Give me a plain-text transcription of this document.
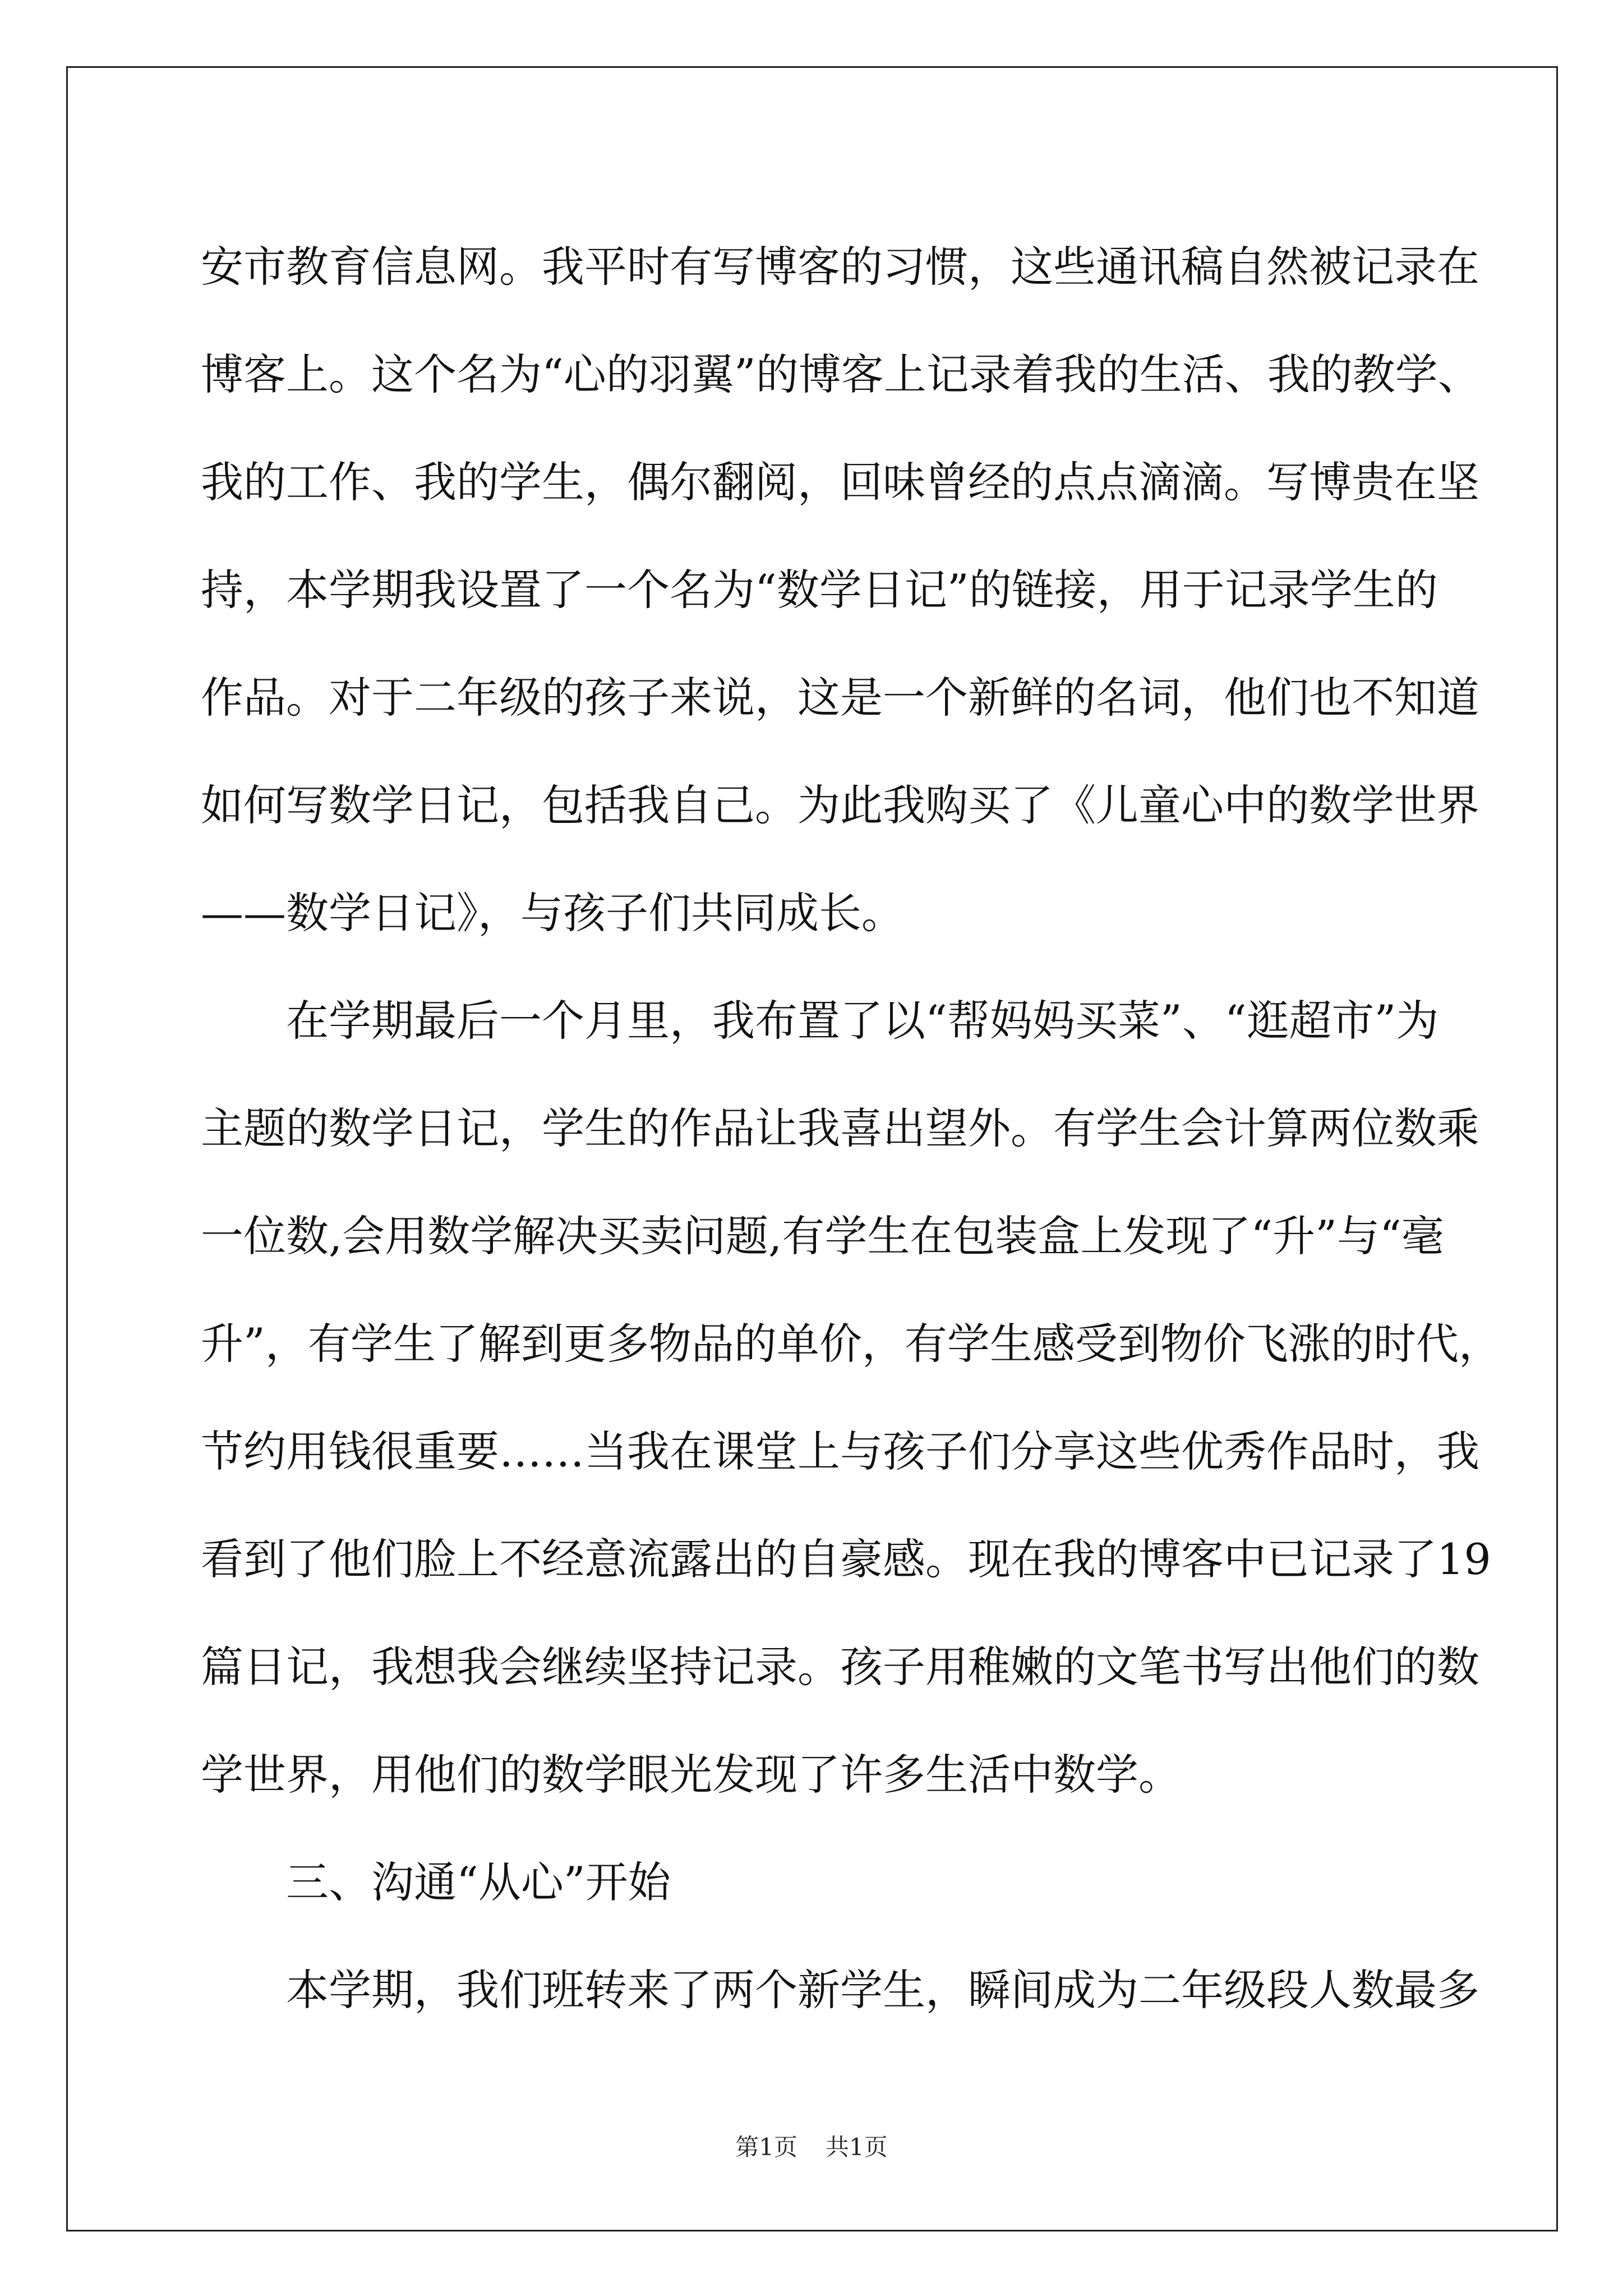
安市教育信息网。我平时有写博客的习惯，这些通讯稿自然被记录在
博客上。这个名为“心的羽翼”的博客上记录着我的生活、我的教学、
我的工作、我的学生，偶尔翻阅，回味曾经的点点滴滴。写博贵在坚
持，本学期我设置了一个名为“数学日记”的链接，用于记录学生的
作品。对于二年级的孩子来说，这是一个新鲜的名词，他们也不知道
如何写数学日记，包括我自己。为此我购买了《儿童心中的数学世界
——数学日记》，与孩子们共同成长。
在学期最后一个月里，我布置了以“帮妈妈买菜”、“逛超市”为
主题的数学日记，学生的作品让我喜出望外。有学生会计算两位数乘
一位数,会用数学解决买卖问题,有学生在包装盒上发现了“升”与“毫
升”，有学生了解到更多物品的单价，有学生感受到物价飞涨的时代，
节约用钱很重要……当我在课堂上与孩子们分享这些优秀作品时，我
看到了他们脸上不经意流露出的自豪感。现在我的博客中已记录了19
篇日记，我想我会继续坚持记录。孩子用稚嫩的文笔书写出他们的数
学世界，用他们的数学眼光发现了许多生活中数学。
三、沟通“从心”开始
本学期，我们班转来了两个新学生，瞬间成为二年级段人数最多
第1页 共1页
